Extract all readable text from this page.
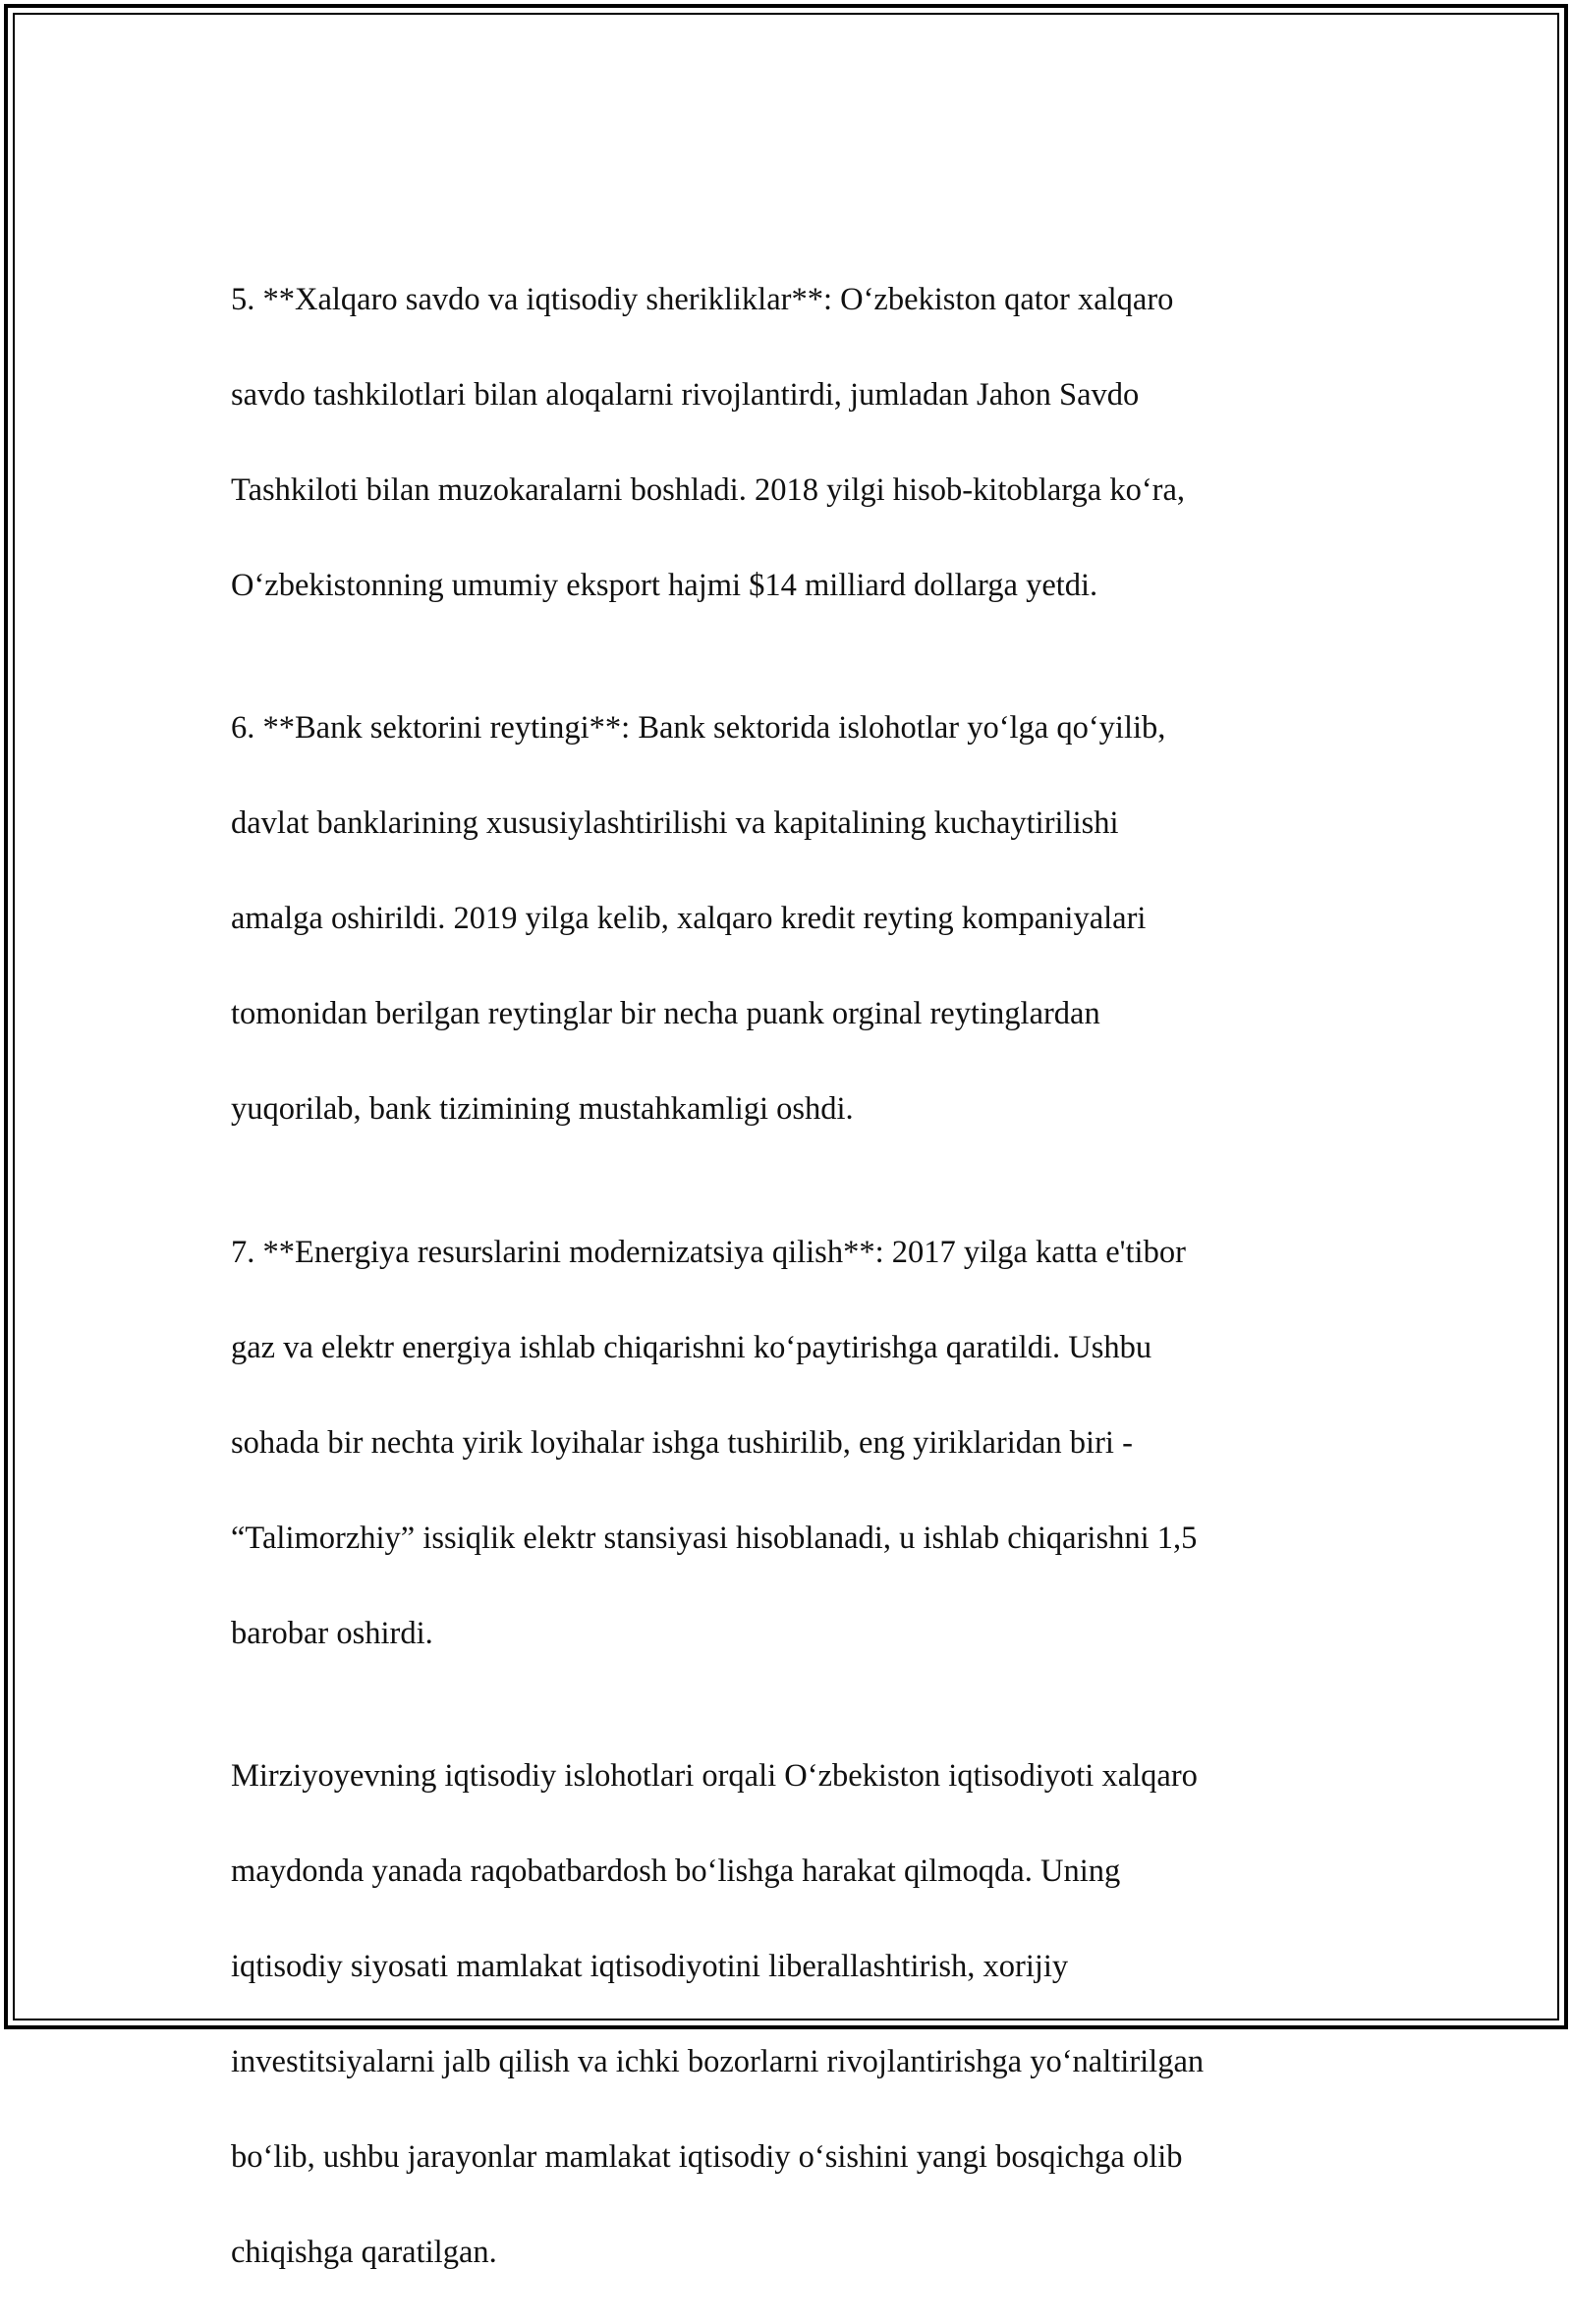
5. **Xalqaro savdo va iqtisodiy sherikliklar**: O‘zbekiston qator xalqaro

savdo tashkilotlari bilan aloqalarni rivojlantirdi, jumladan Jahon Savdo

Tashkiloti bilan muzokaralarni boshladi. 2018 yilgi hisob-kitoblarga ko‘ra,

O‘zbekistonning umumiy eksport hajmi $14 milliard dollarga yetdi.

6. **Bank sektorini reytingi**: Bank sektorida islohotlar yo‘lga qo‘yilib,

davlat banklarining xususiylashtirilishi va kapitalining kuchaytirilishi

amalga oshirildi. 2019 yilga kelib, xalqaro kredit reyting kompaniyalari

tomonidan berilgan reytinglar bir necha puank orginal reytinglardan

yuqorilab, bank tizimining mustahkamligi oshdi.

7. **Energiya resurslarini modernizatsiya qilish**: 2017 yilga katta e'tibor

gaz va elektr energiya ishlab chiqarishni ko‘paytirishga qaratildi. Ushbu

sohada bir nechta yirik loyihalar ishga tushirilib, eng yiriklaridan biri -

“Talimorzhiy” issiqlik elektr stansiyasi hisoblanadi, u ishlab chiqarishni 1,5

barobar oshirdi.

Mirziyoyevning iqtisodiy islohotlari orqali O‘zbekiston iqtisodiyoti xalqaro

maydonda yanada raqobatbardosh bo‘lishga harakat qilmoqda. Uning

iqtisodiy siyosati mamlakat iqtisodiyotini liberallashtirish, xorijiy

investitsiyalarni jalb qilish va ichki bozorlarni rivojlantirishga yo‘naltirilgan

bo‘lib, ushbu jarayonlar mamlakat iqtisodiy o‘sishini yangi bosqichga olib

chiqishga qaratilgan.
